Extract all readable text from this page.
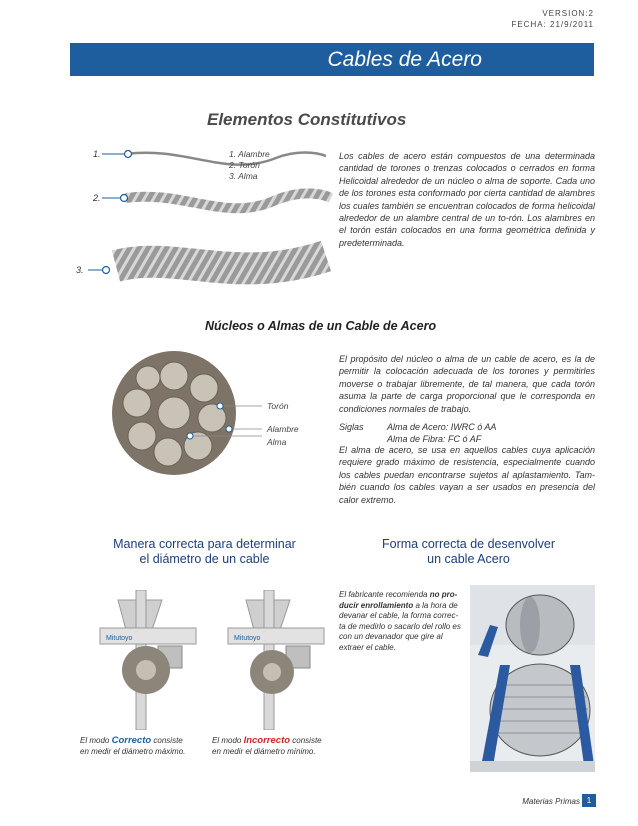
VERSION:2
FECHA: 21/9/2011
Cables de Acero
Elementos Constitutivos
1.
2.
3.
1. Alambre
2. Torón
3. Alma
Los cables de acero están compuestos de una determinada cantidad de torones o trenzas colocados o cerrados en forma Helicoidal alrededor de un núcleo o alma de soporte. Cada uno de los torones esta conformado por cierta cantidad de alambres los cuales también se encuentran colocados de forma helicoidal alrededor de un alambre central de un to-rón. Los alambres en el torón están colocados en una forma geométrica definida y predeterminada.
Núcleos o Almas de un Cable de Acero
Torón
Alambre
Alma
El propósito del núcleo o alma de un cable de acero, es la de permitir la colocación adecuada de los torones y permitirles moverse o trabajar libremente, de tal manera, que cada torón asuma la parte de carga proporcional que le corresponda en condiciones normales de trabajo.
Siglas	Alma de Acero: IWRC ó AA
Alma de Fibra: FC ó AF
El alma de acero, se usa en aquellos cables cuya aplicación requiere grado máximo de resistencia, especialmente cuando los cables puedan encontrarse sujetos al aplastamiento. Tam-bién cuando los cables vayan a ser usados en presencia del calor extremo.
Manera correcta para determinar
el diámetro de un cable
Forma correcta de desenvolver
un cable Acero
Mitutoyo	Mitutoyo
El modo Correcto consiste
en medir el diámetro máximo.
El modo Incorrecto consiste
en medir el diámetro mínimo.
El fabricante recomienda no pro-ducir enrollamiento a la hora de devanar el cable, la forma correc-ta de medirlo o sacarlo del rollo es con un devanador que gire al extraer el cable.
Materias Primas 1
